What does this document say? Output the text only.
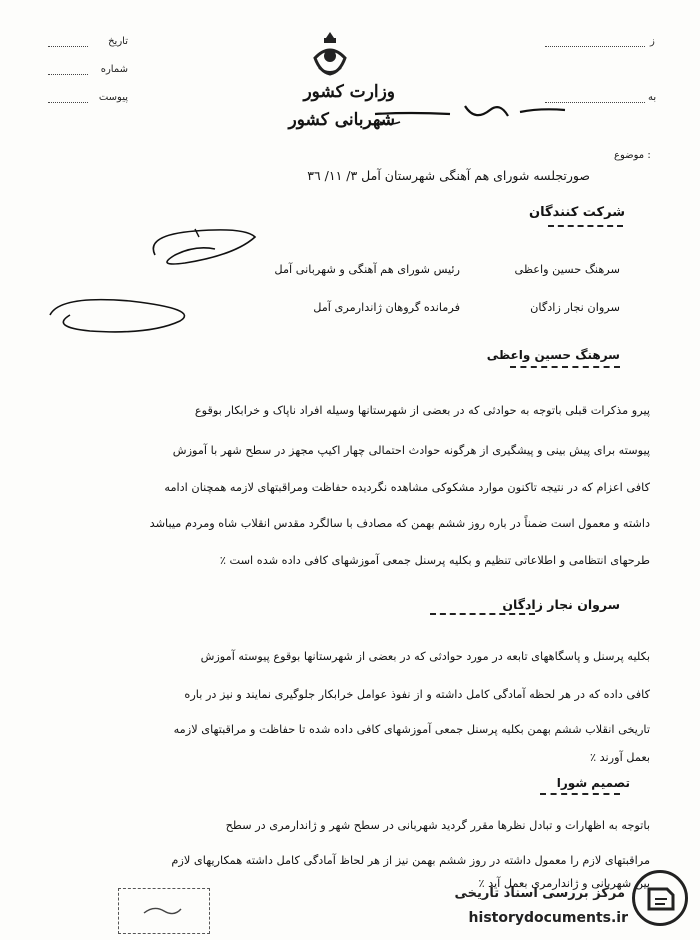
تاریخ
شماره
پیوست
ز
به
وزارت کشور
شهربانی کشور
موضوع :
صورتجلسه شورای هم آهنگی شهرستان آمل ٣/ ١١/ ٣٦
شرکت کنندگان
سرهنگ حسین واعظی
رئیس شورای هم آهنگی و شهربانی آمل
سروان نجار زادگان
فرمانده گروهان ژاندارمری آمل
سرهنگ حسین واعظی
پیرو مذکرات قبلی باتوجه به حوادثی که در بعضی از شهرستانها وسیله افراد ناپاک و خرابکار بوقوع
پیوسته برای پیش بینی و پیشگیری از هرگونه حوادث احتمالی چهار اکیپ مجهز در سطح شهر با آموزش
کافی اعزام که در نتیجه تاکنون موارد مشکوکی مشاهده نگردیده حفاظت ومراقبتهای لازمه همچنان ادامه
داشته و معمول است ضمناً در باره روز ششم بهمن که مصادف با سالگرد مقدس انقلاب شاه ومردم میباشد
طرحهای انتظامی و اطلاعاتی تنظیم و بکلیه پرسنل جمعی آموزشهای کافی داده شده است ٪
سروان نجار زادگان
بکلیه پرسنل و پاسگاههای تابعه در مورد حوادثی که در بعضی از شهرستانها بوقوع پیوسته آموزش
کافی داده که در هر لحظه آمادگی کامل داشته و از نفوذ عوامل خرابکار جلوگیری نمایند و نیز در باره
تاریخی انقلاب ششم بهمن بکلیه پرسنل جمعی آموزشهای کافی داده شده تا حفاظت و مراقبتهای لازمه
بعمل آورند ٪
تصمیم شورا
باتوجه به اظهارات و تبادل نظرها مقرر گردید شهربانی در سطح شهر و ژاندارمری در سطح
مراقبتهای لازم را معمول داشته در روز ششم بهمن نیز از هر لحاظ آمادگی کامل داشته همکاریهای لازم
بین شهربانی و ژاندارمری بعمل آید ٪
مرکز بررسی اسناد تاریخی
historydocuments.ir
